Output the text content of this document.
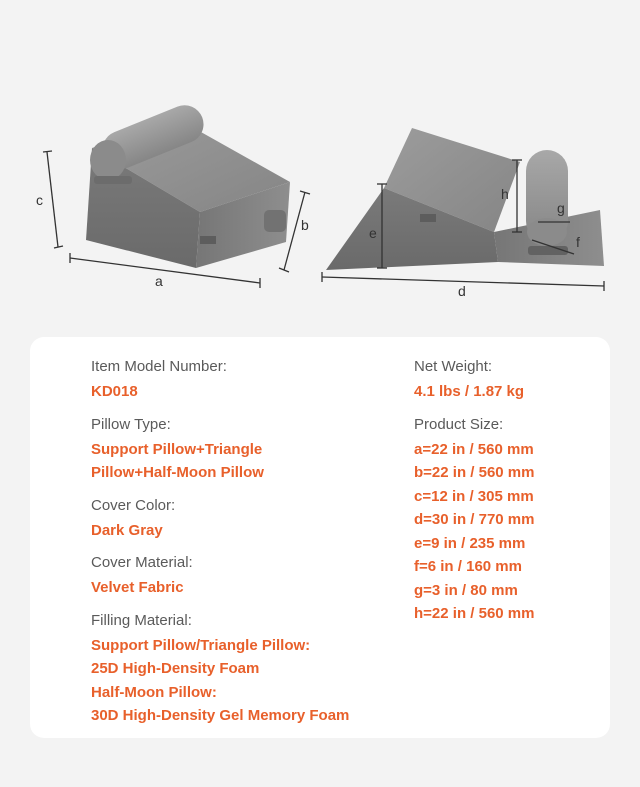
c
a
b	e
h
g
f
d

Item Model Number:

KD018

Pillow Type:

Support Pillow+Triangle

Pillow+Half-Moon Pillow

Cover Color:

Dark Gray

Cover Material:

Velvet Fabric

Filling Material:

Support Pillow/Triangle Pillow:

25D High-Density Foam

Half-Moon Pillow:

30D High-Density Gel Memory Foam

Net Weight:

4.1 lbs / 1.87 kg

Product Size:

a=22 in / 560 mm

b=22 in / 560 mm

c=12 in / 305 mm

d=30 in / 770 mm

e=9 in / 235 mm

f=6 in / 160 mm

g=3 in / 80 mm

h=22 in / 560 mm
